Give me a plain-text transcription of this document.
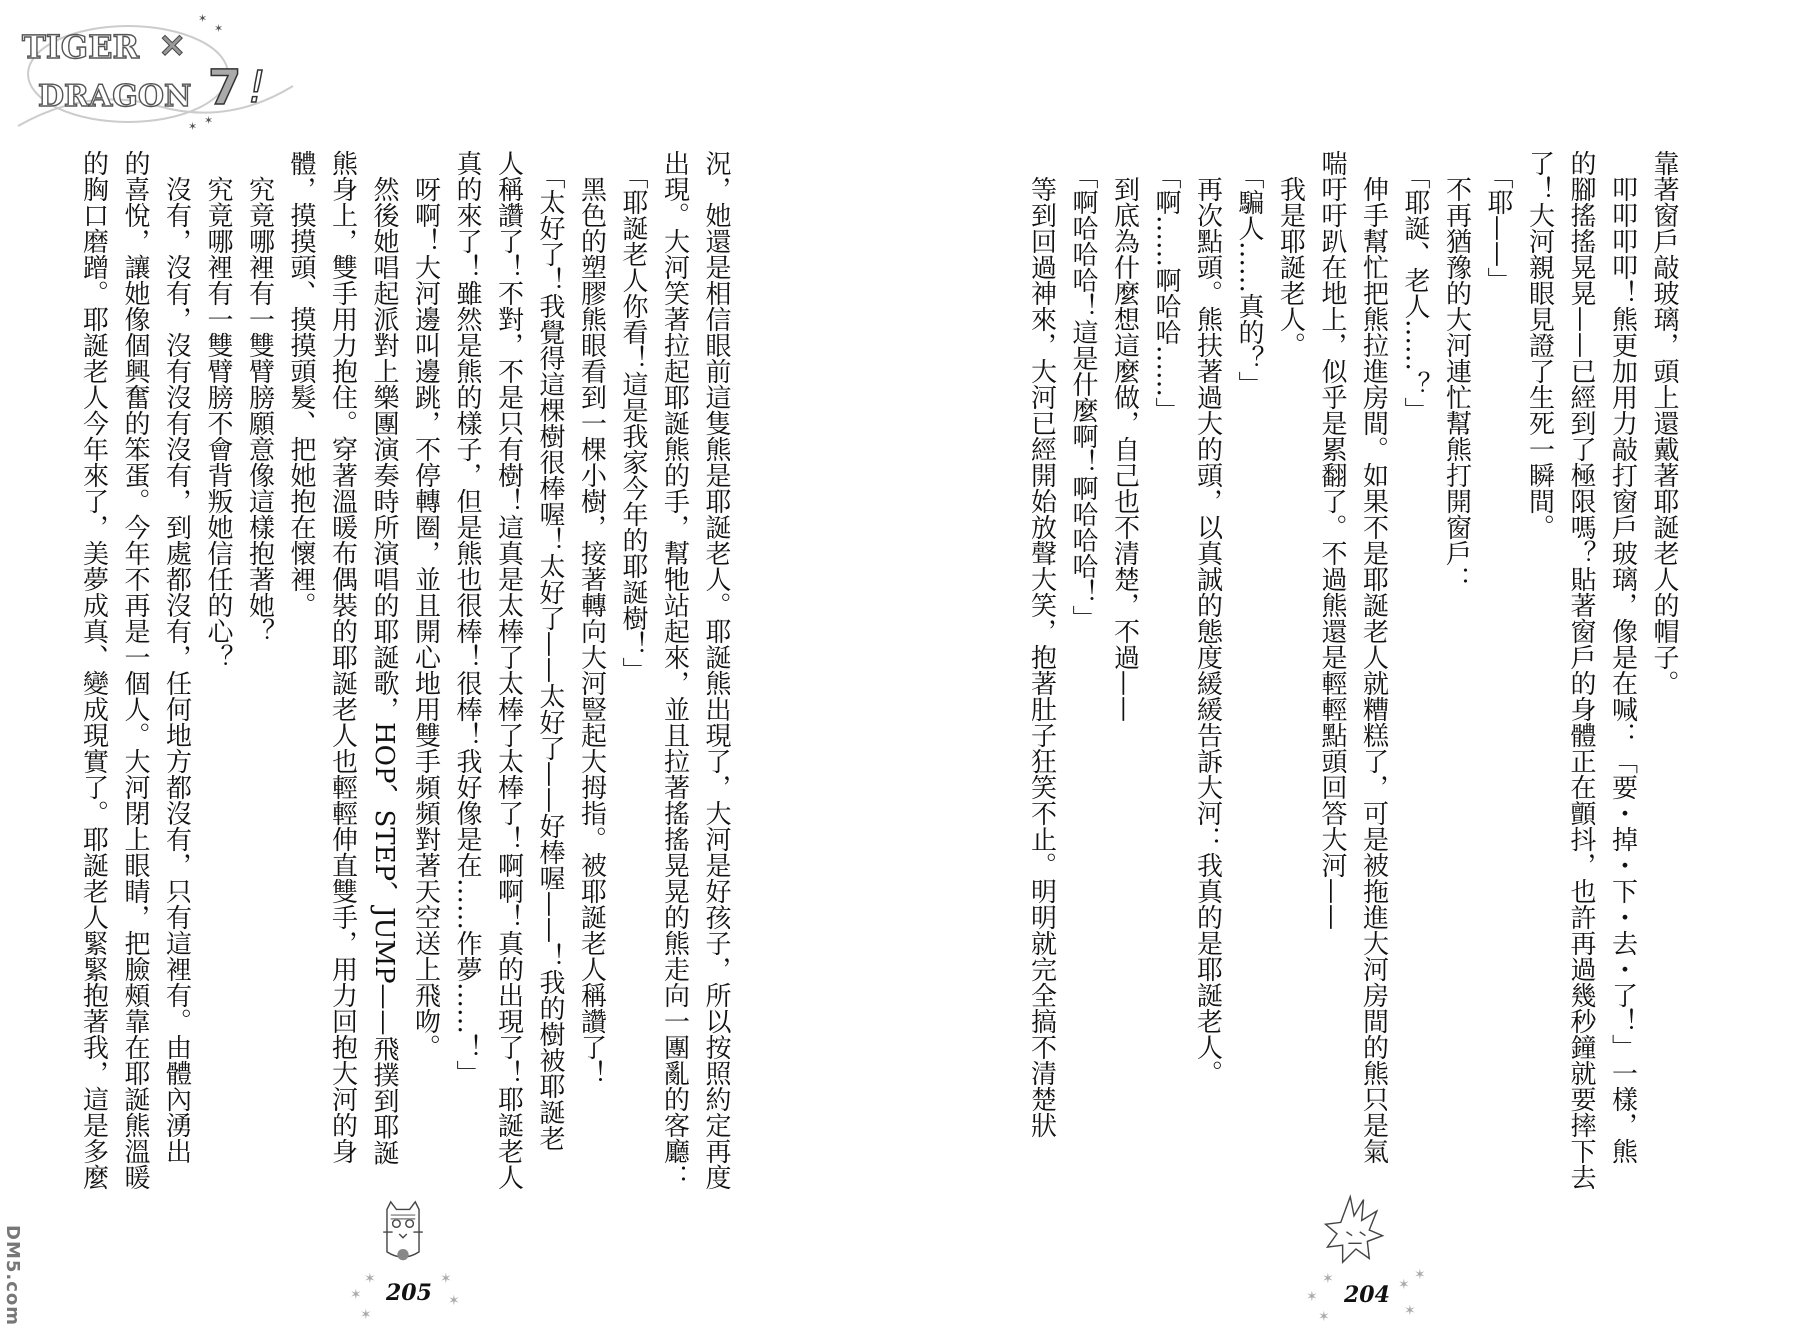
TIGER
DRAGON
×
7 !
✶
✶
✶ ✶
靠著窗戶敲玻璃，頭上還戴著耶誕老人的帽子。
　叩叩叩叩！熊更加用力敲打窗戶玻璃，像是在喊：「要・掉・下・去・了！」一樣，熊
的腳搖搖晃晃——已經到了極限嗎？貼著窗戶的身體正在顫抖，也許再過幾秒鐘就要摔下去
了！大河親眼見證了生死一瞬間。
　「耶——」
　不再猶豫的大河連忙幫熊打開窗戶：
　「耶誕、老人……？」
　伸手幫忙把熊拉進房間。如果不是耶誕老人就糟糕了，可是被拖進大河房間的熊只是氣
喘吁吁趴在地上，似乎是累翻了。不過熊還是輕輕點頭回答大河——
　我是耶誕老人。
　「騙人……真的？」
　再次點頭。熊扶著過大的頭，以真誠的態度緩緩告訴大河：我真的是耶誕老人。
　「啊……啊哈哈……」
　到底為什麼想這麼做，自己也不清楚，不過——
　「啊哈哈哈！這是什麼啊！啊哈哈哈！」
　等到回過神來，大河已經開始放聲大笑，抱著肚子狂笑不止。明明就完全搞不清楚狀
況，她還是相信眼前這隻熊是耶誕老人。耶誕熊出現了，大河是好孩子，所以按照約定再度
出現。大河笑著拉起耶誕熊的手，幫牠站起來，並且拉著搖搖晃晃的熊走向一團亂的客廳：
　「耶誕老人你看！這是我家今年的耶誕樹！」
　黑色的塑膠熊眼看到一棵小樹，接著轉向大河豎起大拇指。被耶誕老人稱讚了！
　「太好了！我覺得這棵樹很棒喔！太好了——太好了——好棒喔——！我的樹被耶誕老
人稱讚了！不對，不是只有樹！這真是太棒了太棒了太棒了！啊啊！真的出現了！耶誕老人
真的來了！雖然是熊的樣子，但是熊也很棒！很棒！我好像是在……作夢……！」
　呀啊！大河邊叫邊跳，不停轉圈，並且開心地用雙手頻頻對著天空送上飛吻。
　然後她唱起派對上樂團演奏時所演唱的耶誕歌，HOP、STEP、JUMP——飛撲到耶誕
熊身上，雙手用力抱住。穿著溫暖布偶裝的耶誕老人也輕輕伸直雙手，用力回抱大河的身
體，摸摸頭、摸摸頭髮、把她抱在懷裡。
　究竟哪裡有一雙臂膀願意像這樣抱著她？
　究竟哪裡有一雙臂膀不會背叛她信任的心？
　沒有，沒有，沒有沒有沒有，到處都沒有，任何地方都沒有，只有這裡有。由體內湧出
的喜悅，讓她像個興奮的笨蛋。今年不再是一個人。大河閉上眼睛，把臉頰靠在耶誕熊溫暖
的胸口磨蹭。耶誕老人今年來了，美夢成真、變成現實了。耶誕老人緊緊抱著我，這是多麼
✶
✶	✶
✶
✶
205	✶
✶	✶
✶
✶	✶
204
DM5.com
